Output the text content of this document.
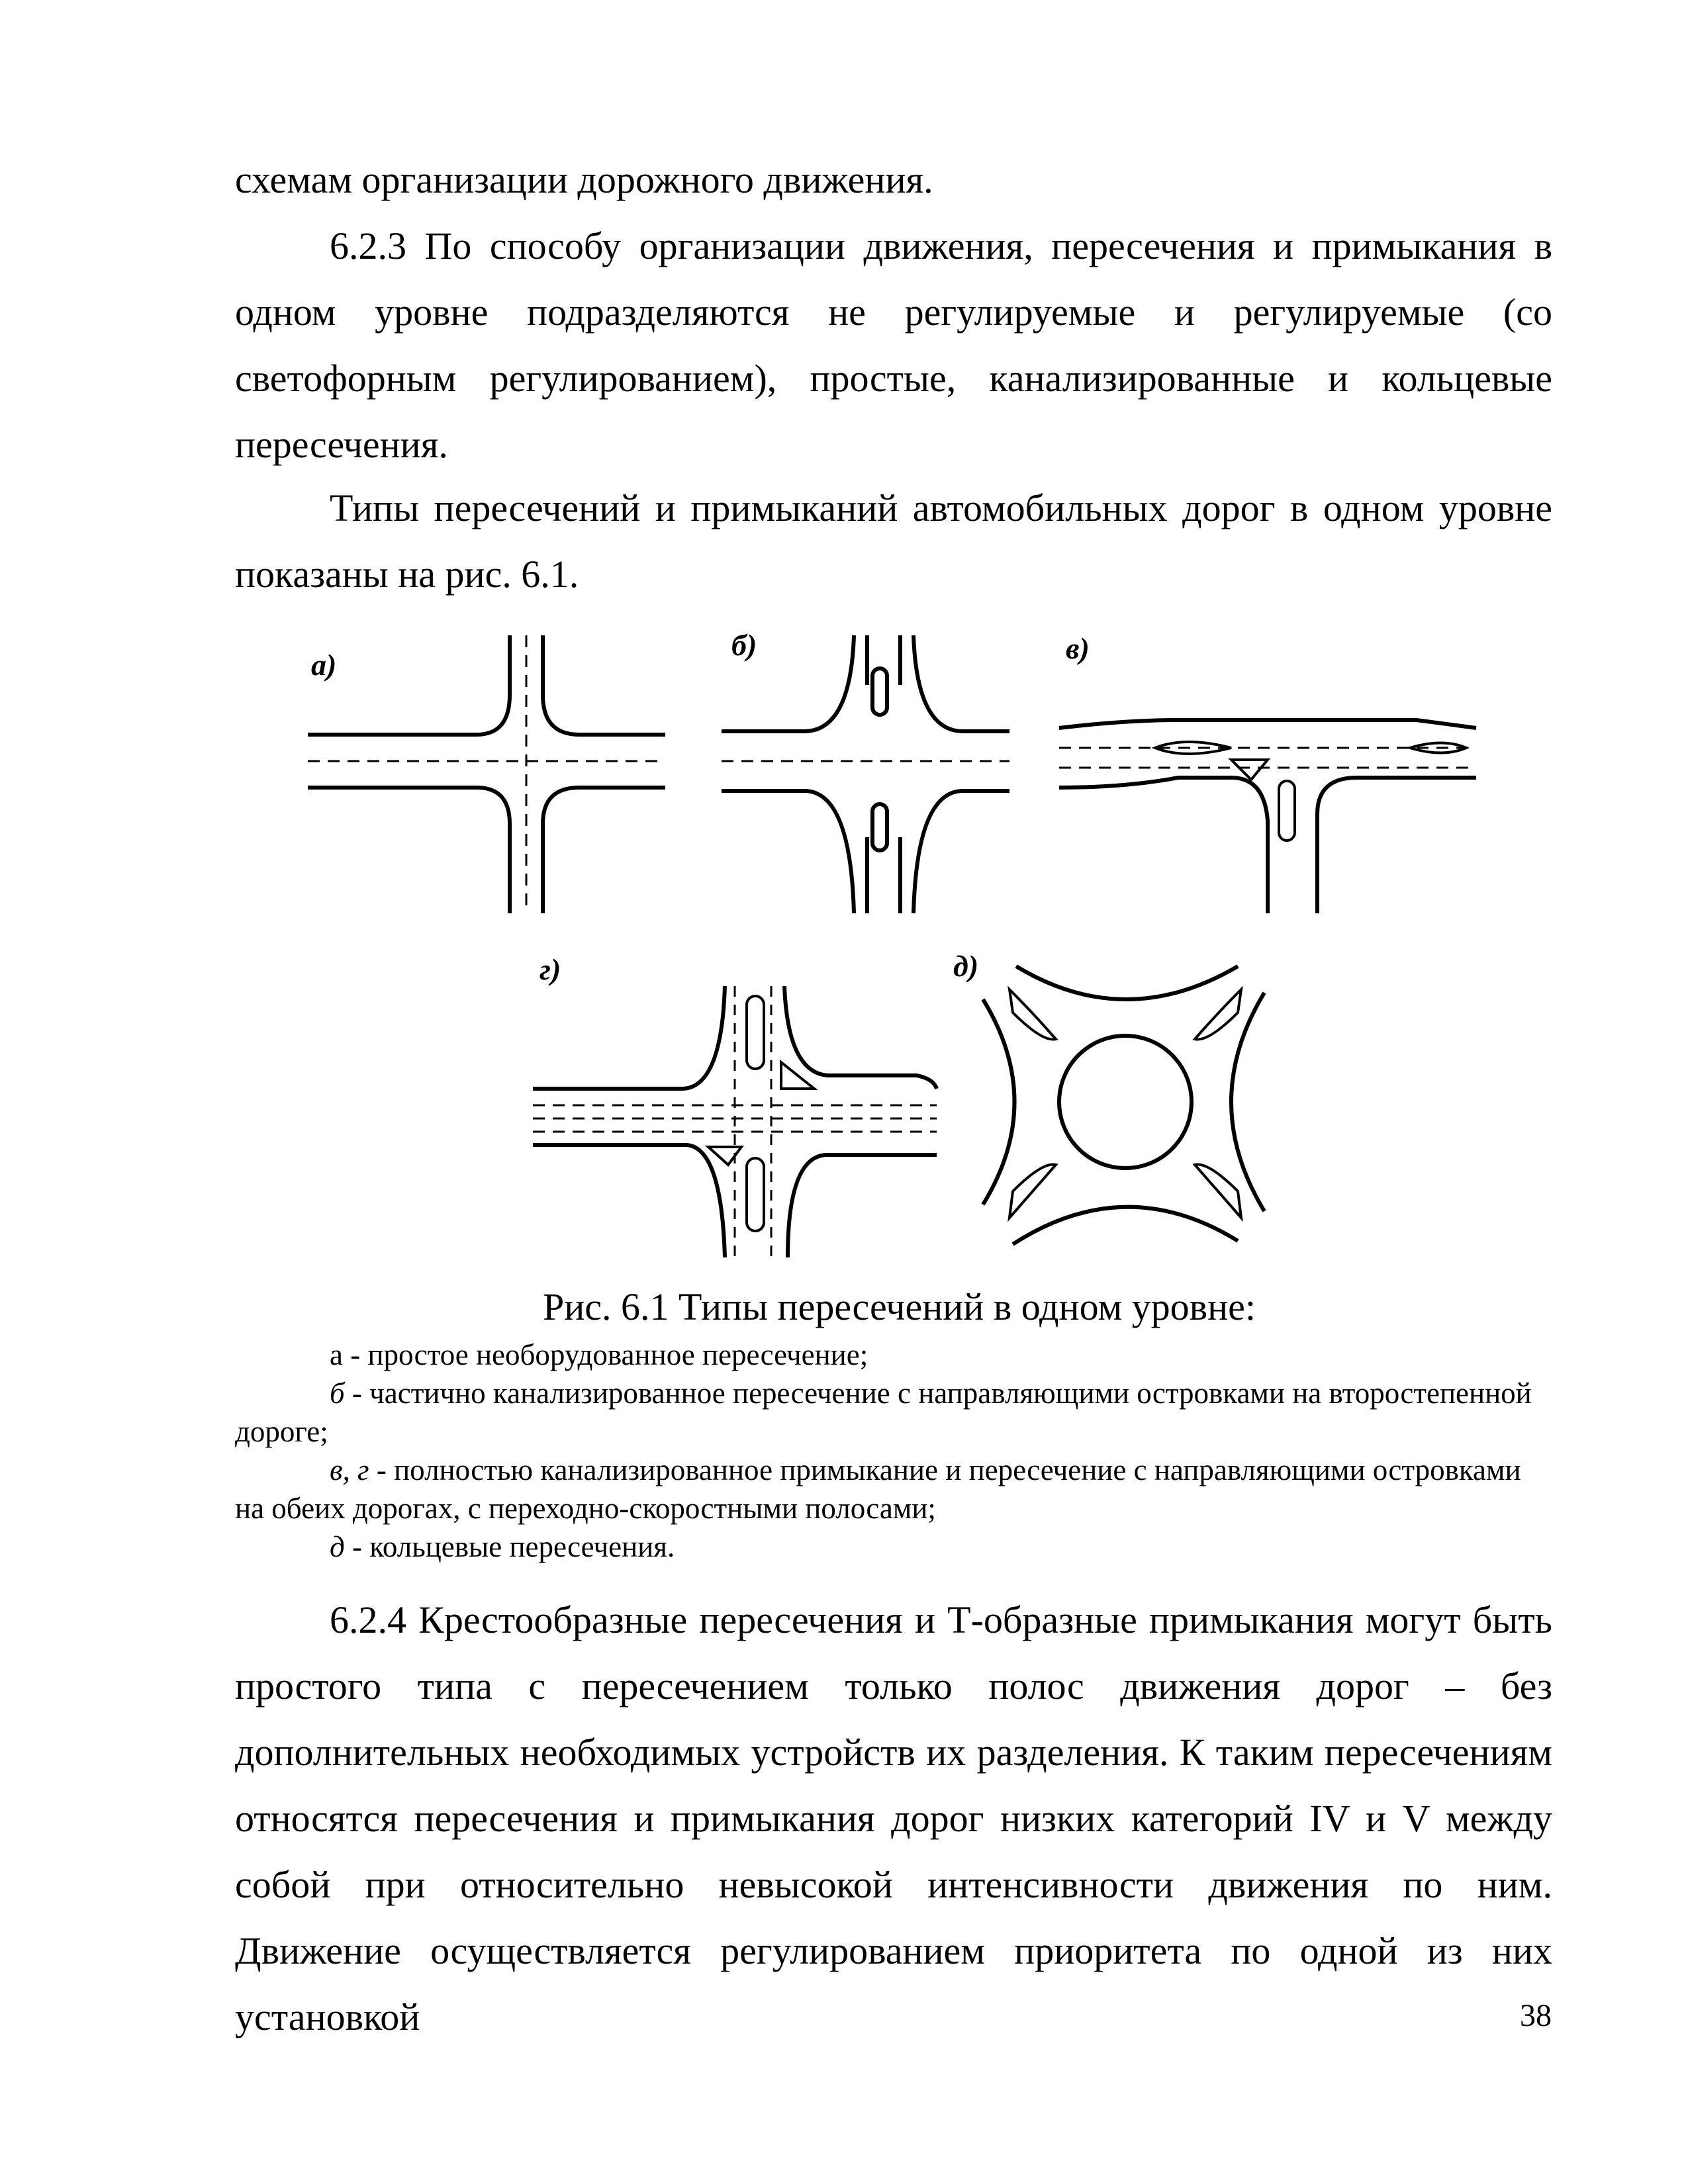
схемам организации дорожного движения.

6.2.3 По способу организации движения, пересечения и примыкания в одном уровне подразделяются не регулируемые и регулируемые (со светофорным регулированием), простые, канализированные и кольцевые пересечения.

Типы пересечений и примыканий автомобильных дорог в одном уровне показаны на рис. 6.1.

а)
б)	в)
г)	д)
Рис. 6.1 Типы пересечений в одном уровне:

а - простое необорудованное пересечение;

б - частично канализированное пересечение с направляющими островками на второстепенной дороге;

в, г - полностью канализированное примыкание и пересечение с направляющими островками на обеих дорогах, с переходно-скоростными полосами;

д - кольцевые пересечения.

6.2.4 Крестообразные пересечения и Т-образные примыкания могут быть простого типа с пересечением только полос движения дорог – без дополнительных необходимых устройств их разделения. К таким пересечениям относятся пересечения и примыкания дорог низких категорий IV и V между собой при относительно невысокой интенсивности движения по ним. Движение осуществляется регулированием приоритета по одной из них установкой	38
